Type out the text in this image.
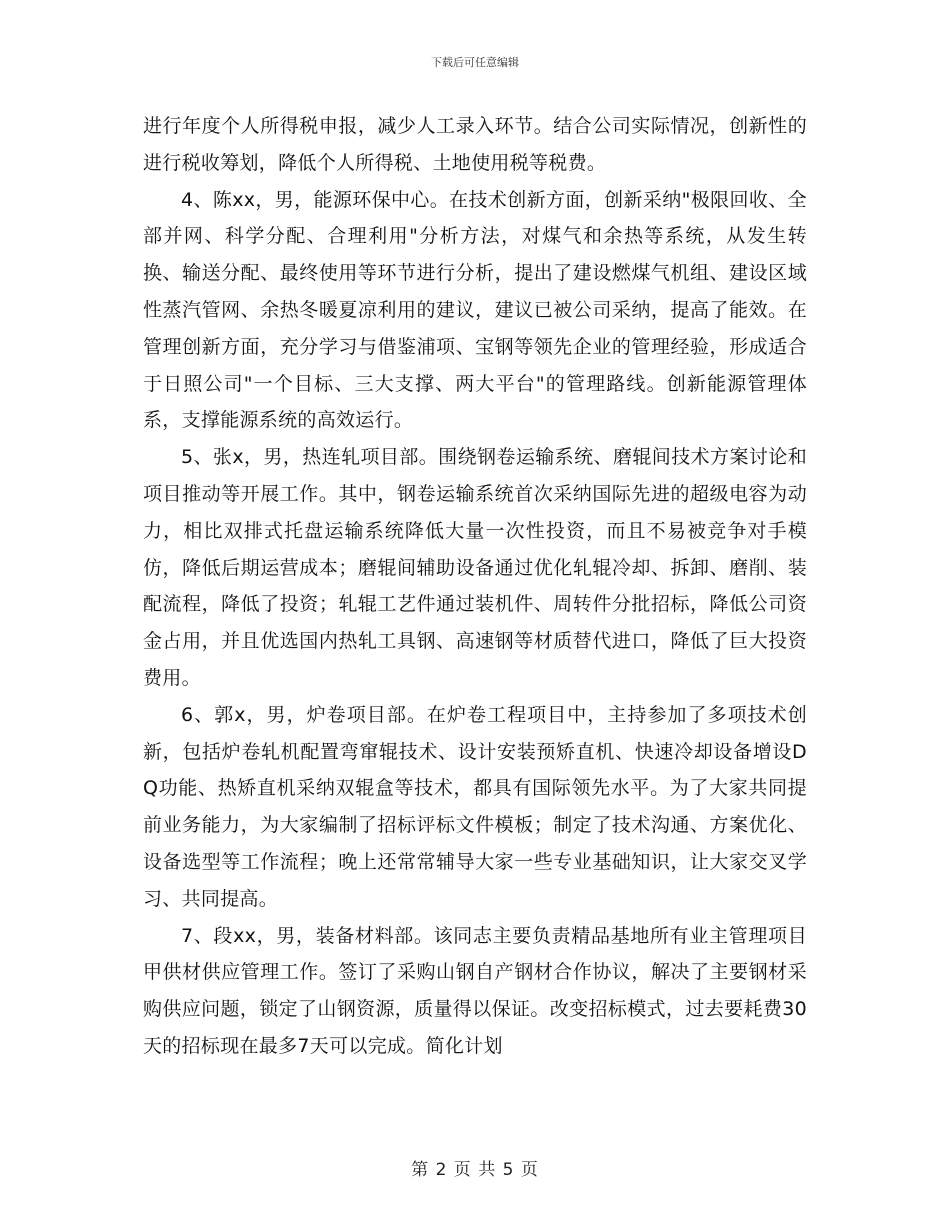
下载后可任意编辑

进行年度个人所得税申报，减少人工录入环节。结合公司实际情况，创新性的进行税收筹划，降低个人所得税、土地使用税等税费。

4、陈xx，男，能源环保中心。在技术创新方面，创新采纳"极限回收、全部并网、科学分配、合理利用"分析方法，对煤气和余热等系统，从发生转换、输送分配、最终使用等环节进行分析，提出了建设燃煤气机组、建设区域性蒸汽管网、余热冬暖夏凉利用的建议，建议已被公司采纳，提高了能效。在管理创新方面，充分学习与借鉴浦项、宝钢等领先企业的管理经验，形成适合于日照公司"一个目标、三大支撑、两大平台"的管理路线。创新能源管理体系，支撑能源系统的高效运行。

5、张x，男，热连轧项目部。围绕钢卷运输系统、磨辊间技术方案讨论和项目推动等开展工作。其中，钢卷运输系统首次采纳国际先进的超级电容为动力，相比双排式托盘运输系统降低大量一次性投资，而且不易被竞争对手模仿，降低后期运营成本；磨辊间辅助设备通过优化轧辊冷却、拆卸、磨削、装配流程，降低了投资；轧辊工艺件通过装机件、周转件分批招标，降低公司资金占用，并且优选国内热轧工具钢、高速钢等材质替代进口，降低了巨大投资费用。

6、郭x，男，炉卷项目部。在炉卷工程项目中，主持参加了多项技术创新，包括炉卷轧机配置弯窜辊技术、设计安装预矫直机、快速冷却设备增设DQ功能、热矫直机采纳双辊盒等技术，都具有国际领先水平。为了大家共同提前业务能力，为大家编制了招标评标文件模板；制定了技术沟通、方案优化、设备选型等工作流程；晚上还常常辅导大家一些专业基础知识，让大家交叉学习、共同提高。

7、段xx，男，装备材料部。该同志主要负责精品基地所有业主管理项目甲供材供应管理工作。签订了采购山钢自产钢材合作协议，解决了主要钢材采购供应问题，锁定了山钢资源，质量得以保证。改变招标模式，过去要耗费30天的招标现在最多7天可以完成。简化计划

第 2 页 共 5 页
